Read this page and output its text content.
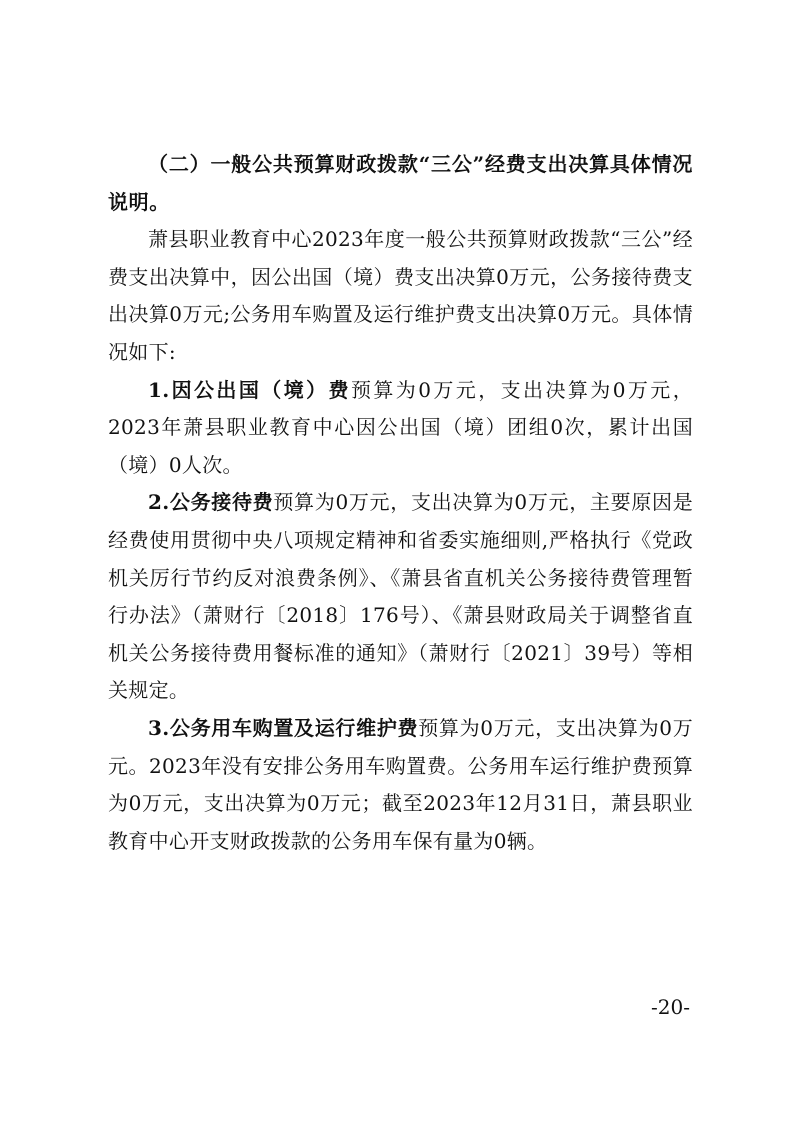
（二）一般公共预算财政拨款“三公”经费支出决算具体情况说明。

萧县职业教育中心2023年度一般公共预算财政拨款“三公”经费支出决算中，因公出国（境）费支出决算0万元，公务接待费支出决算0万元;公务用车购置及运行维护费支出决算0万元。具体情况如下:

1.因公出国（境）费预算为0万元，支出决算为0万元，2023年萧县职业教育中心因公出国（境）团组0次，累计出国（境）0人次。

2.公务接待费预算为0万元，支出决算为0万元，主要原因是经费使用贯彻中央八项规定精神和省委实施细则,严格执行《党政机关厉行节约反对浪费条例》、《萧县省直机关公务接待费管理暂行办法》（萧财行〔2018〕176号）、《萧县财政局关于调整省直机关公务接待费用餐标准的通知》（萧财行〔2021〕39号）等相关规定。

3.公务用车购置及运行维护费预算为0万元，支出决算为0万元。2023年没有安排公务用车购置费。公务用车运行维护费预算为0万元，支出决算为0万元；截至2023年12月31日，萧县职业教育中心开支财政拨款的公务用车保有量为0辆。

-20-
